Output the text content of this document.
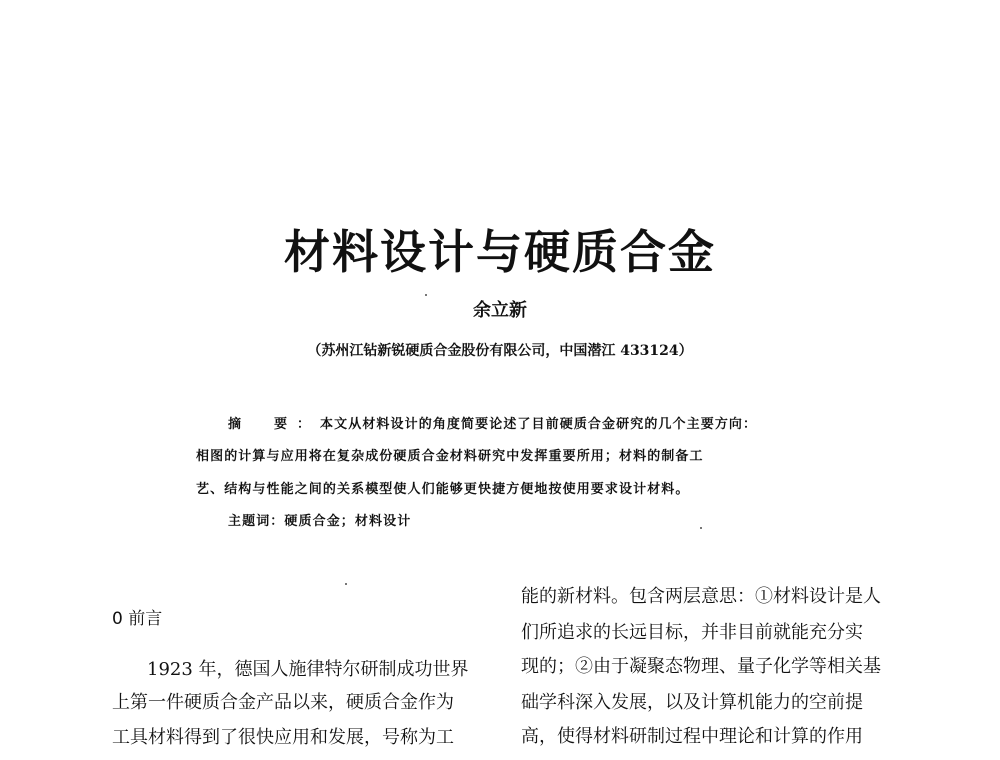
材料设计与硬质合金
余立新
（苏州江钻新锐硬质合金股份有限公司，中国潜江 433124）
摘　要：本文从材料设计的角度简要论述了目前硬质合金研究的几个主要方向：
相图的计算与应用将在复杂成份硬质合金材料研究中发挥重要所用；材料的制备工
艺、结构与性能之间的关系模型使人们能够更快捷方便地按使用要求设计材料。
主题词：硬质合金；材料设计
0 前言
1923 年，德国人施律特尔研制成功世界
上第一件硬质合金产品以来，硬质合金作为
工具材料得到了很快应用和发展，号称为工
能的新材料。包含两层意思：①材料设计是人
们所追求的长远目标，并非目前就能充分实
现的；②由于凝聚态物理、量子化学等相关基
础学科深入发展，以及计算机能力的空前提
高，使得材料研制过程中理论和计算的作用
